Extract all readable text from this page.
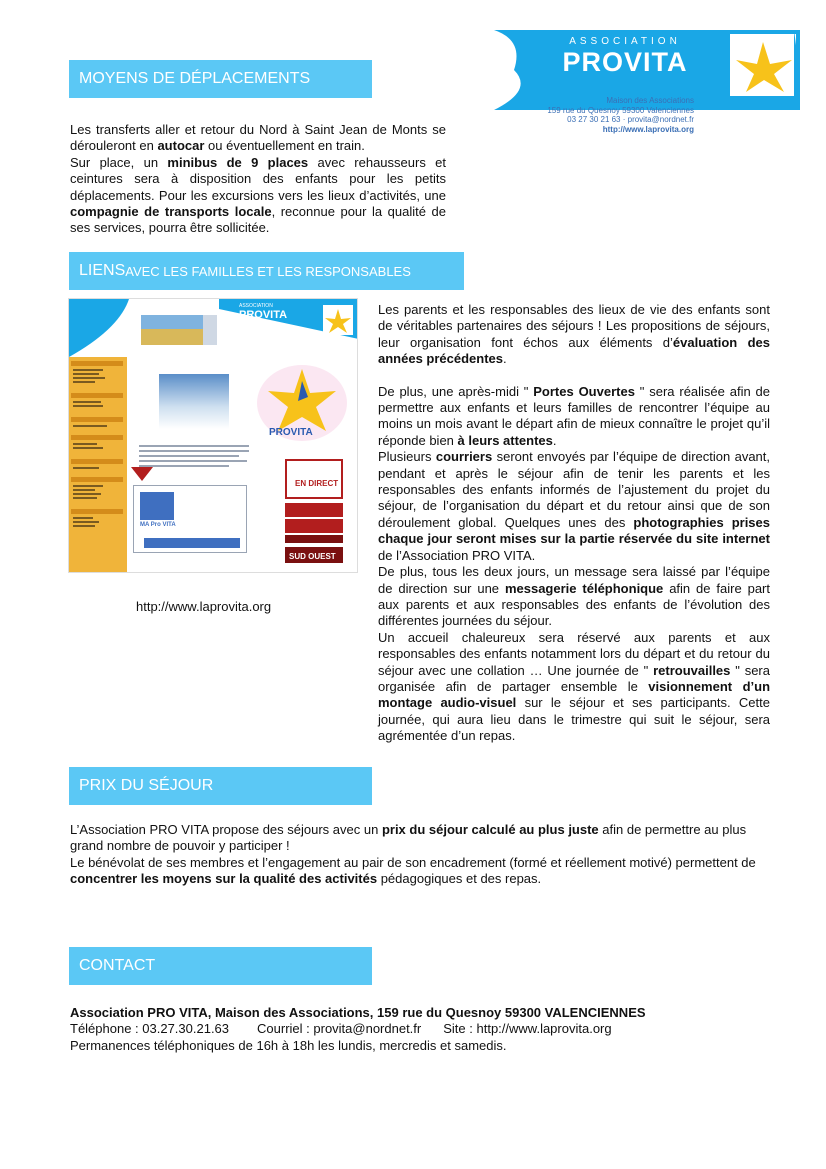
ASSOCIATION
PROVITA
Maison des Associations
159 rue du Quesnoy 59300 Valenciennes
03 27 30 21 63 · provita@nordnet.fr
http://www.laprovita.org
MOYENS DE DÉPLACEMENTS
Les transferts aller et retour du Nord à Saint Jean de Monts se dérouleront en autocar ou éventuellement en train.
Sur place, un minibus de 9 places avec rehausseurs et ceintures sera à disposition des enfants pour les petits déplacements. Pour les excursions vers les lieux d’activités, une compagnie de transports locale, reconnue pour la qualité de ses services, pourra être sollicitée.
LIENS AVEC LES FAMILLES ET LES RESPONSABLES
ASSOCIATION
PROVITA
PROVITA
MA Pro VITA
EN DIRECT
SUD OUEST
http://www.laprovita.org
Les parents et les responsables des lieux de vie des enfants sont de véritables partenaires des séjours ! Les propositions de séjours, leur organisation font échos aux éléments d’évaluation des années précédentes.
De plus, une après-midi " Portes Ouvertes " sera réalisée afin de permettre aux enfants et leurs familles de rencontrer l’équipe au moins un mois avant le départ afin de mieux connaître le projet qu’il réponde bien à leurs attentes.
Plusieurs courriers seront envoyés par l’équipe de direction avant, pendant et après le séjour afin de tenir les parents et les responsables des enfants informés de l’ajustement du projet du séjour, de l’organisation du départ et du retour ainsi que de son déroulement global. Quelques unes des photographies prises chaque jour seront mises sur la partie réservée du site internet de l’Association PRO VITA.
De plus, tous les deux jours, un message sera laissé par l’équipe de direction sur une messagerie téléphonique afin de faire part aux parents et aux responsables des enfants de l’évolution des différentes journées du séjour.
Un accueil chaleureux sera réservé aux parents et aux responsables des enfants notamment lors du départ et du retour du séjour avec une collation … Une journée de " retrouvailles " sera organisée afin de partager ensemble le visionnement d’un montage audio-visuel sur le séjour et ses participants. Cette journée, qui aura lieu dans le trimestre qui suit le séjour, sera agrémentée d’un repas.
PRIX DU SÉJOUR
L’Association PRO VITA propose des séjours avec un prix du séjour calculé au plus juste afin de permettre au plus grand nombre de pouvoir y participer !
Le bénévolat de ses membres et l’engagement au pair de son encadrement (formé et réellement motivé) permettent de concentrer les moyens sur la qualité des activités pédagogiques et des repas.
CONTACT
Association PRO VITA, Maison des Associations, 159 rue du Quesnoy 59300 VALENCIENNES
Téléphone : 03.27.30.21.63 Courriel : provita@nordnet.fr Site : http://www.laprovita.org
Permanences téléphoniques de 16h à 18h les lundis, mercredis et samedis.
